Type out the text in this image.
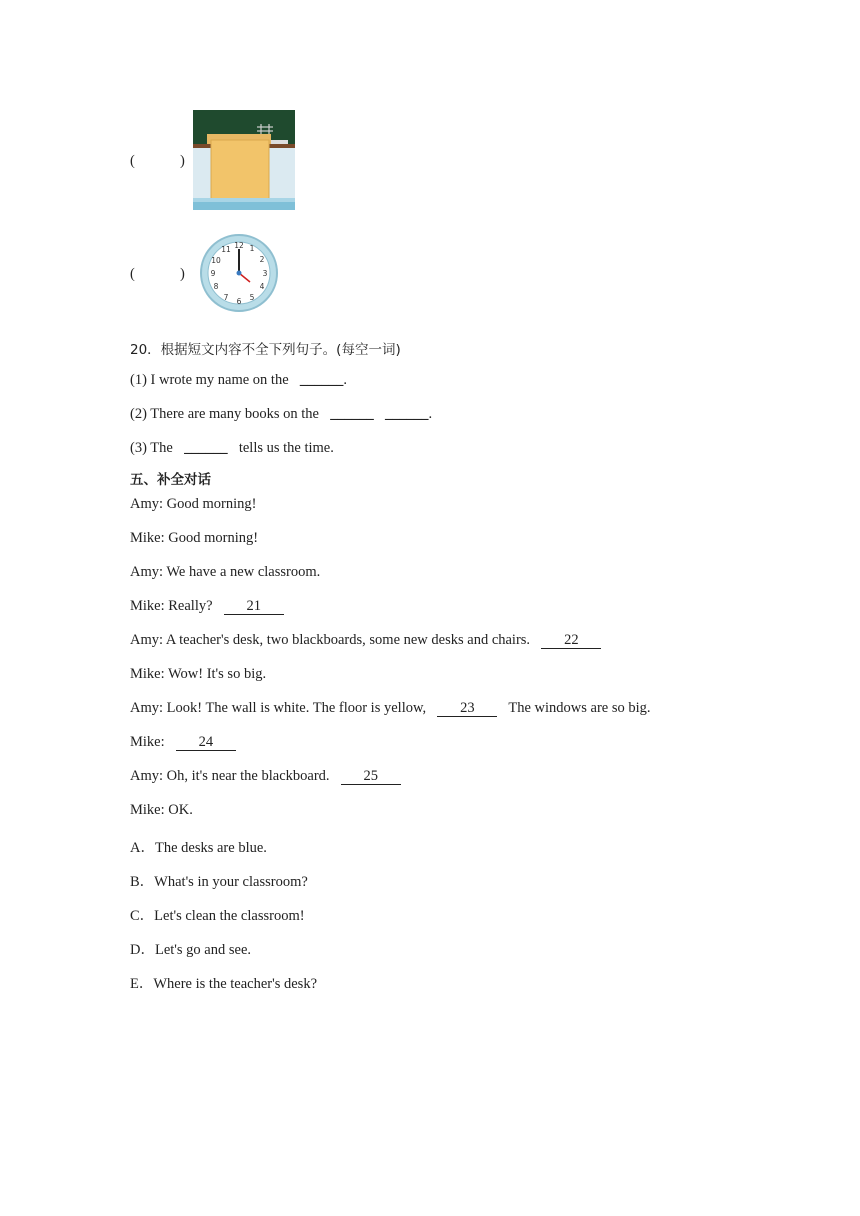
(	)
(	)
12 1
2
3
4
5
6
7
8
9
10
11
20．根据短文内容不全下列句子。(每空一词)
(1) I wrote my name on the ______.
(2) There are many books on the ______ ______.
(3) The ______ tells us the time.
五、补全对话
Amy: Good morning!
Mike: Good morning!
Amy: We have a new classroom.
Mike: Really? 21
Amy: A teacher's desk, two blackboards, some new desks and chairs. 22
Mike: Wow! It's so big.
Amy: Look! The wall is white. The floor is yellow, 23 The windows are so big.
Mike: 24
Amy: Oh, it's near the blackboard. 25
Mike: OK.
A．The desks are blue.
B．What's in your classroom?
C．Let's clean the classroom!
D．Let's go and see.
E．Where is the teacher's desk?
